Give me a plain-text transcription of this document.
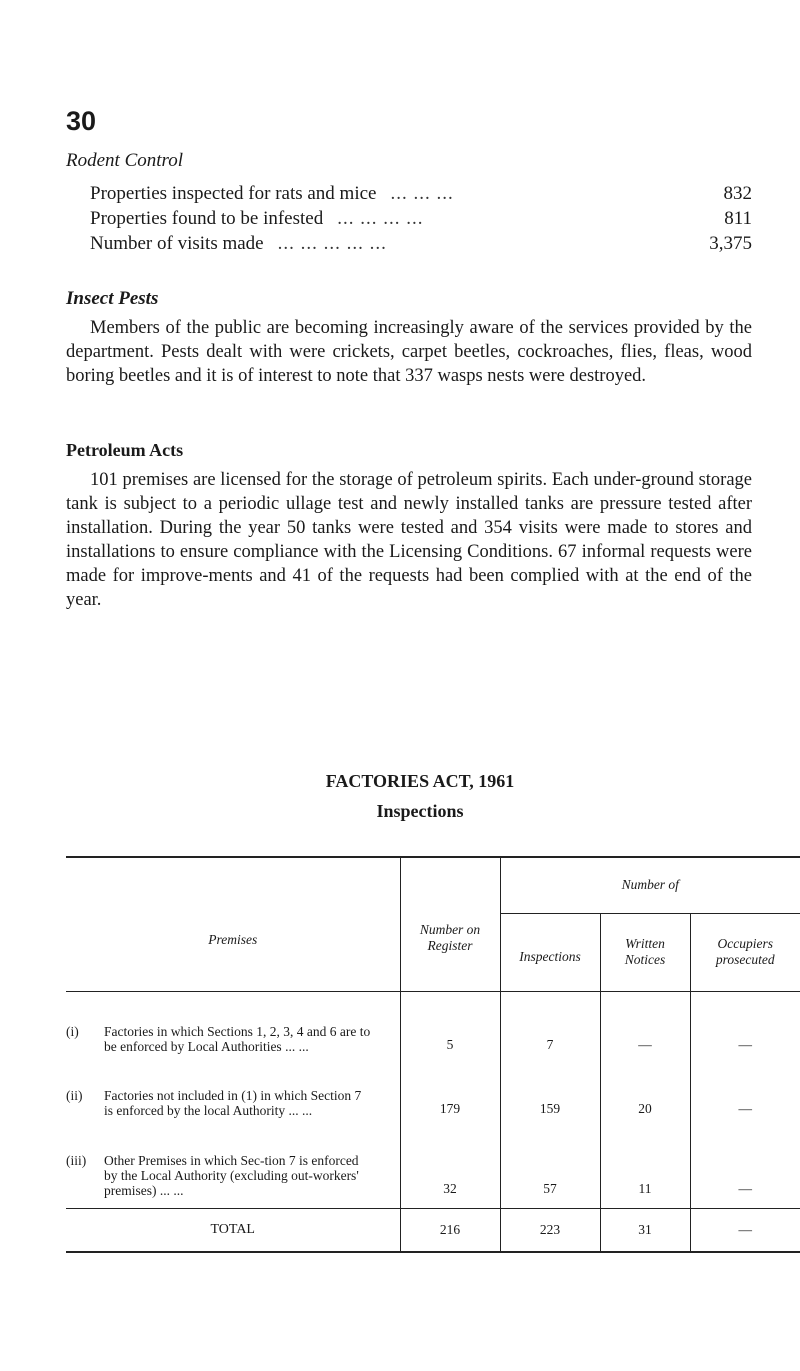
30
Rodent Control
Properties inspected for rats and mice ... ... ...	832
Properties found to be infested ... ... ... ...	811
Number of visits made ... ... ... ... ...	3,375
Insect Pests

Members of the public are becoming increasingly aware of the services provided by the department. Pests dealt with were crickets, carpet beetles, cockroaches, flies, fleas, wood boring beetles and it is of interest to note that 337 wasps nests were destroyed.

Petroleum Acts

101 premises are licensed for the storage of petroleum spirits. Each under-ground storage tank is subject to a periodic ullage test and newly installed tanks are pressure tested after installation. During the year 50 tanks were tested and 354 visits were made to stores and installations to ensure compliance with the Licensing Conditions. 67 informal requests were made for improve-ments and 41 of the requests had been complied with at the end of the year.

FACTORIES ACT, 1961
Inspections
Premises	Number on Register	Number of		
		Inspections	Written Notices	Occupiers prosecuted

(i) Factories in which Sections 1, 2, 3, 4 and 6 are to be enforced by Local Authorities ... ...	5	7	—	—

(ii) Factories not included in (1) in which Section 7 is enforced by the local Authority ... ...	179	159	20	—

(iii) Other Premises in which Sec-tion 7 is enforced by the Local Authority (excluding out-workers' premises) ... ...	32	57	11	—
TOTAL	216	223	31	—
